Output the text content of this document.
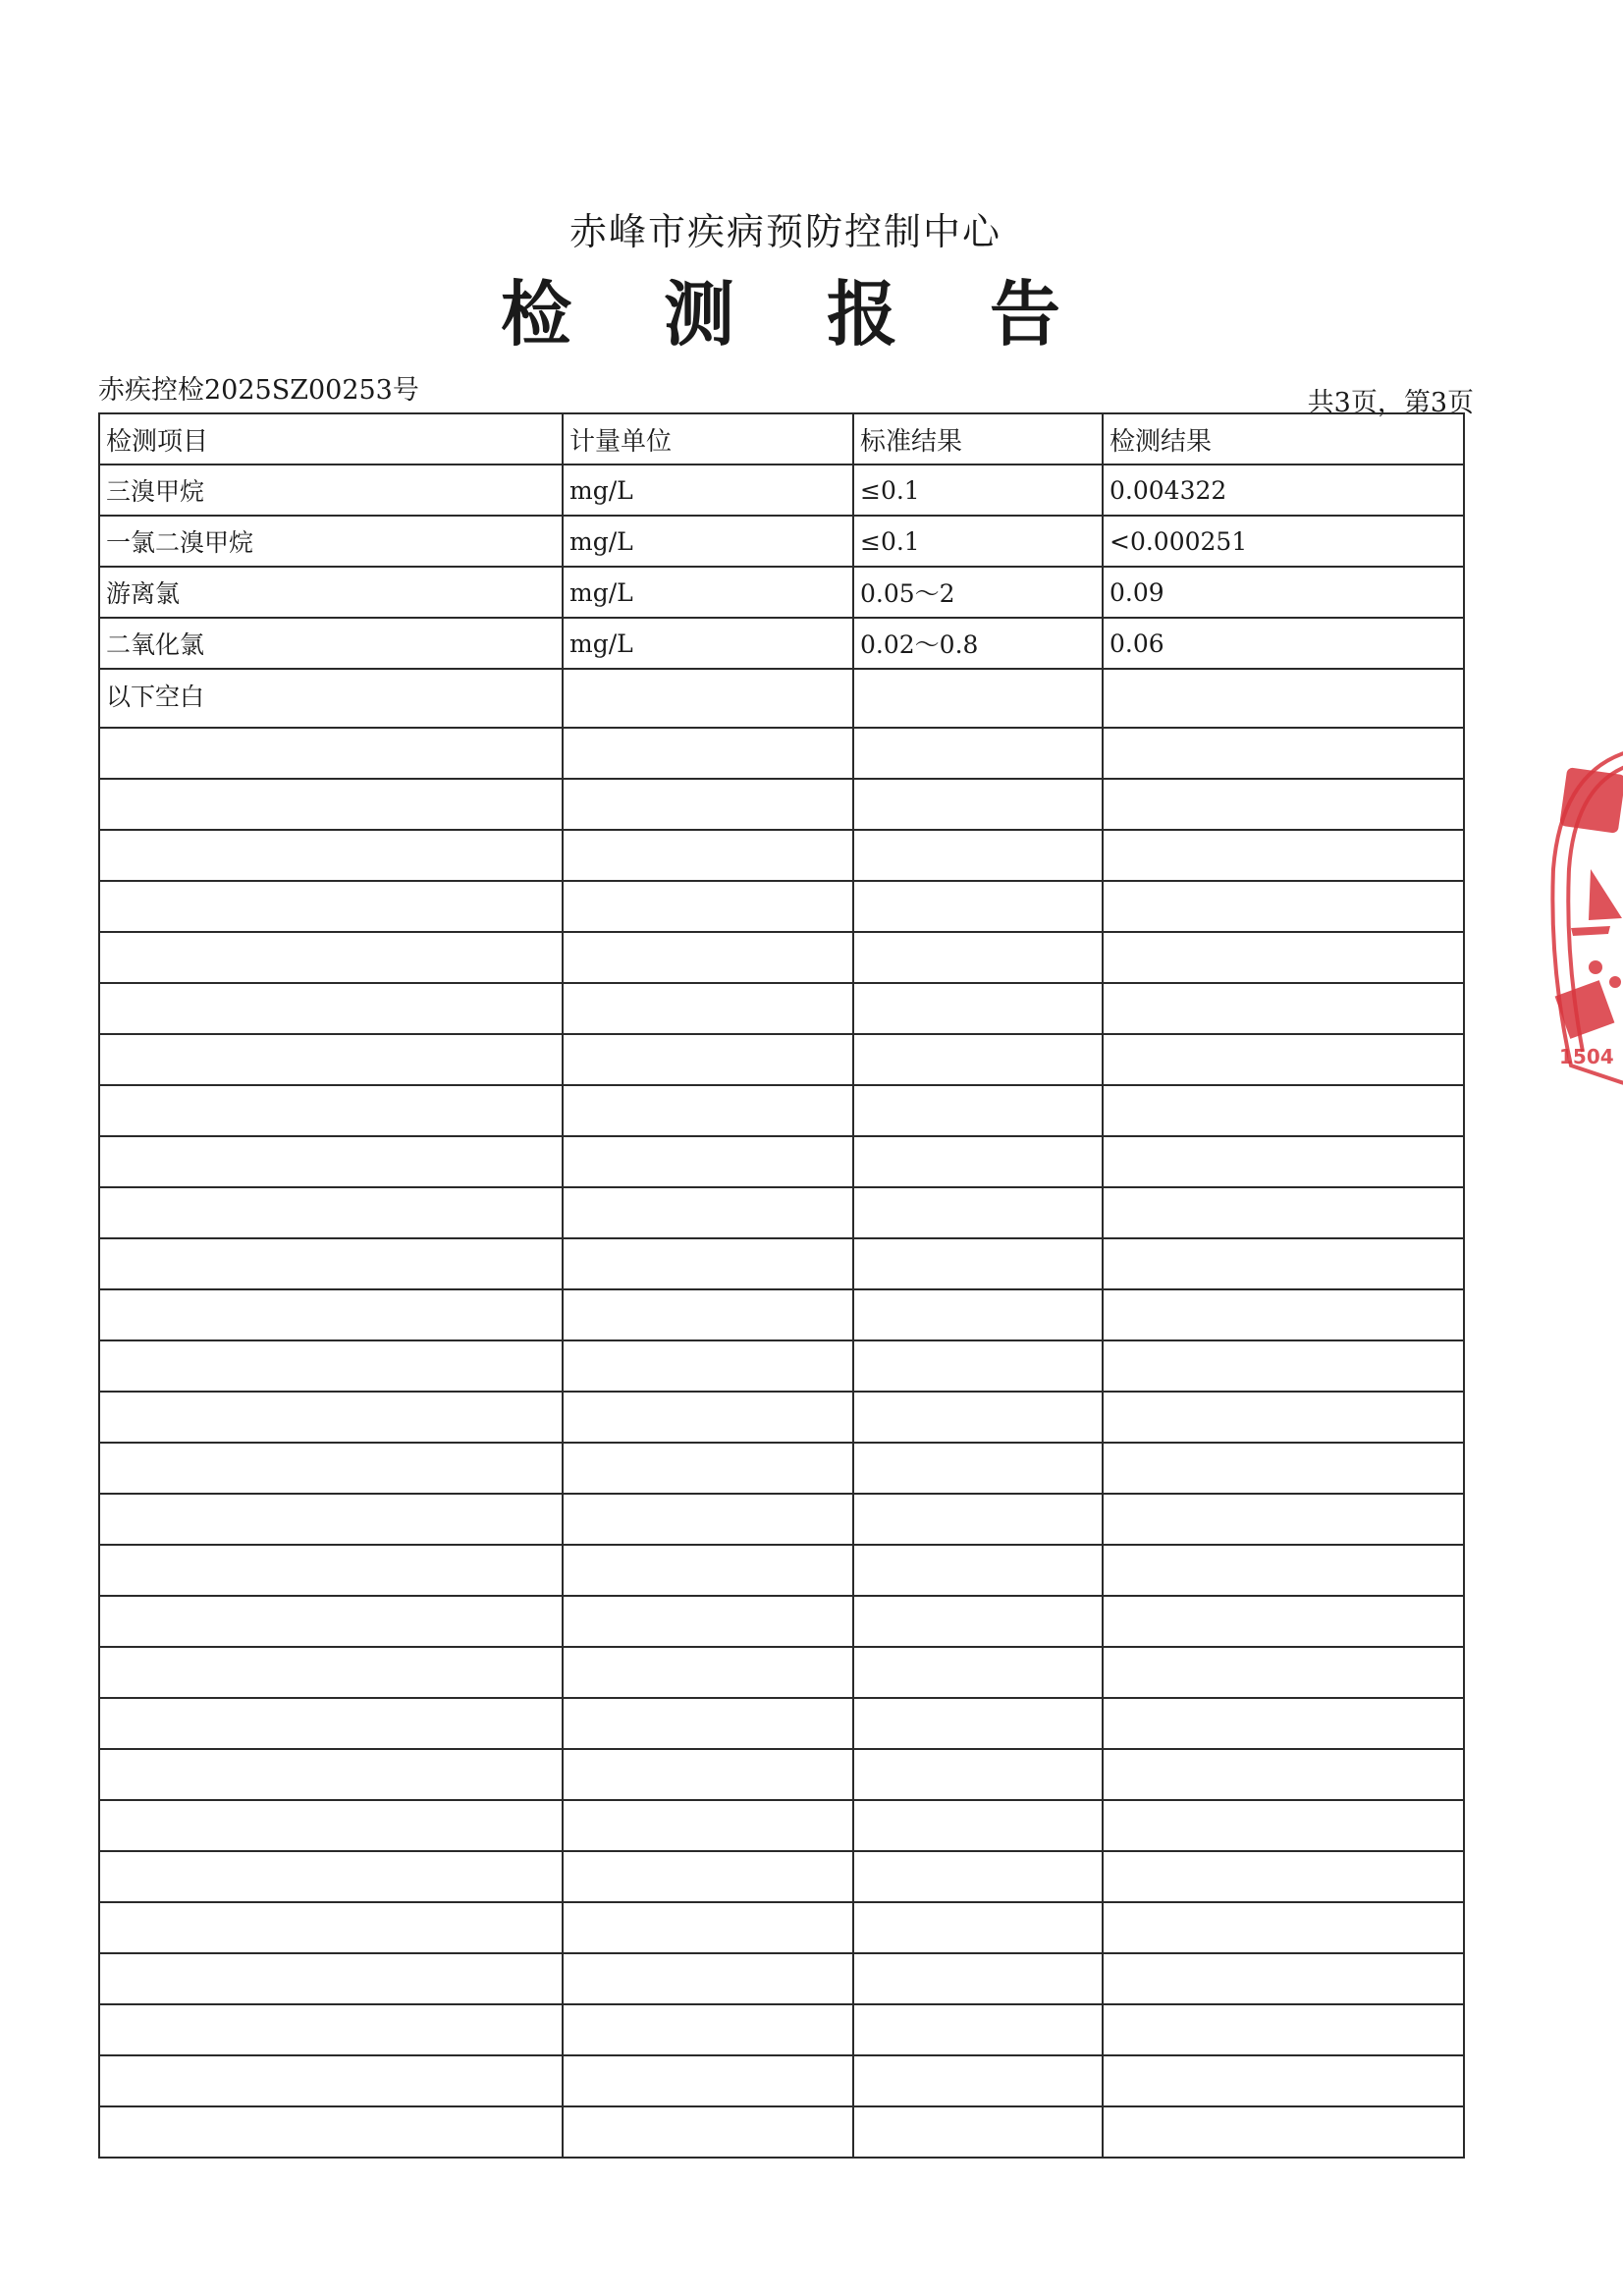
赤峰市疾病预防控制中心
检 测 报 告
赤疾控检2025SZ00253号	共3页，第3页
检测项目	计量单位	标准结果	检测结果
三溴甲烷	mg/L	≤0.1	0.004322
一氯二溴甲烷	mg/L	≤0.1	<0.000251
游离氯	mg/L	0.05～2	0.09
二氧化氯	mg/L	0.02～0.8	0.06
以下空白			

1504
